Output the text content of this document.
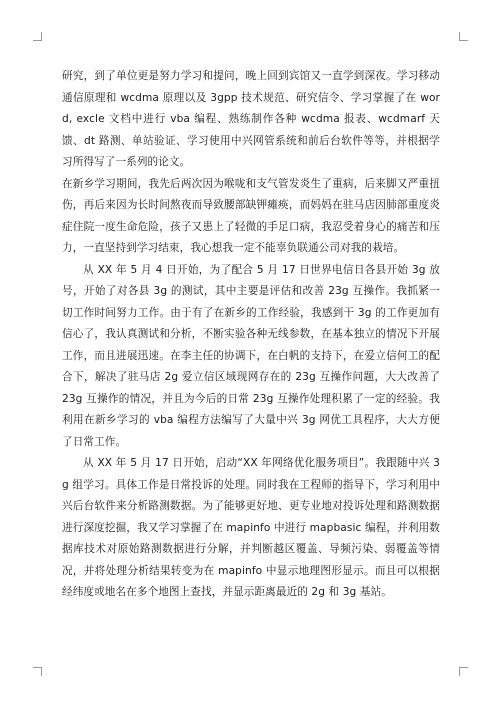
研究，到了单位更是努力学习和提问，晚上回到宾馆又一直学到深夜。学习移动通信原理和 wcdma 原理以及 3gpp 技术规范、研究信令、学习掌握了在 word, excle 文档中进行 vba 编程、熟练制作各种 wcdma 报表、wcdmarf 天馈、dt 路测、单站验证、学习使用中兴网管系统和前后台软件等等，并根据学习所得写了一系列的论文。

在新乡学习期间，我先后两次因为喉咙和支气管发炎生了重病，后来脚又严重扭伤，再后来因为长时间熬夜而导致腰部缺钾瘫痪，而妈妈在驻马店因肺部重度炎症住院一度生命危险，孩子又患上了轻微的手足口病，我忍受着身心的痛苦和压力，一直坚持到学习结束，我心想我一定不能辜负联通公司对我的栽培。

从 XX 年 5 月 4 日开始，为了配合 5 月 17 日世界电信日各县开始 3g 放号，开始了对各县 3g 的测试，其中主要是评估和改善 23g 互操作。我抓紧一切工作时间努力工作。由于有了在新乡的工作经验，我感到干 3g 的工作更加有信心了，我认真测试和分析，不断实验各种无线参数，在基本独立的情况下开展工作，而且进展迅速。在李主任的协调下，在白帆的支持下，在爱立信何工的配合下，解决了驻马店 2g 爱立信区域现网存在的 23g 互操作问题，大大改善了 23g 互操作的情况，并且为今后的日常 23g 互操作处理积累了一定的经验。我利用在新乡学习的 vba 编程方法编写了大量中兴 3g 网优工具程序，大大方便了日常工作。

从 XX 年 5 月 17 日开始，启动“XX 年网络优化服务项目”。我跟随中兴 3g 组学习。具体工作是日常投诉的处理。同时我在工程师的指导下，学习利用中兴后台软件来分析路测数据。为了能够更好地、更专业地对投诉处理和路测数据进行深度挖掘，我又学习掌握了在 mapinfo 中进行 mapbasic 编程，并利用数据库技术对原始路测数据进行分解，并判断越区覆盖、导频污染、弱覆盖等情况，并将处理分析结果转变为在 mapinfo 中显示地理图形显示。而且可以根据经纬度或地名在多个地图上查找，并显示距离最近的 2g 和 3g 基站。
